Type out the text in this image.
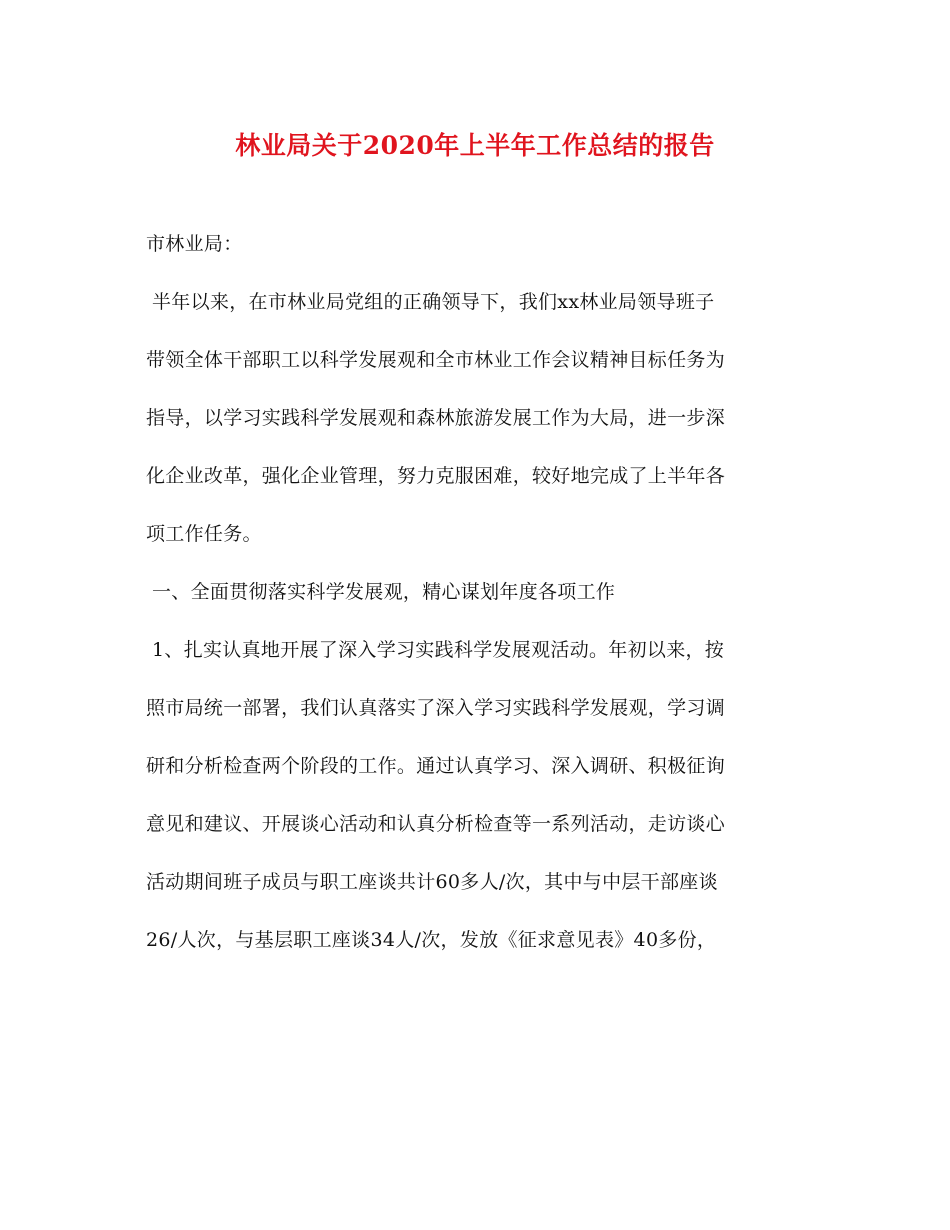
林业局关于2020年上半年工作总结的报告
市林业局：
半年以来，在市林业局党组的正确领导下，我们xx林业局领导班子
带领全体干部职工以科学发展观和全市林业工作会议精神目标任务为
指导，以学习实践科学发展观和森林旅游发展工作为大局，进一步深
化企业改革，强化企业管理，努力克服困难，较好地完成了上半年各
项工作任务。
一、全面贯彻落实科学发展观，精心谋划年度各项工作
1、扎实认真地开展了深入学习实践科学发展观活动。年初以来，按
照市局统一部署，我们认真落实了深入学习实践科学发展观，学习调
研和分析检查两个阶段的工作。通过认真学习、深入调研、积极征询
意见和建议、开展谈心活动和认真分析检查等一系列活动，走访谈心
活动期间班子成员与职工座谈共计60多人/次，其中与中层干部座谈
26/人次，与基层职工座谈34人/次，发放《征求意见表》40多份，
